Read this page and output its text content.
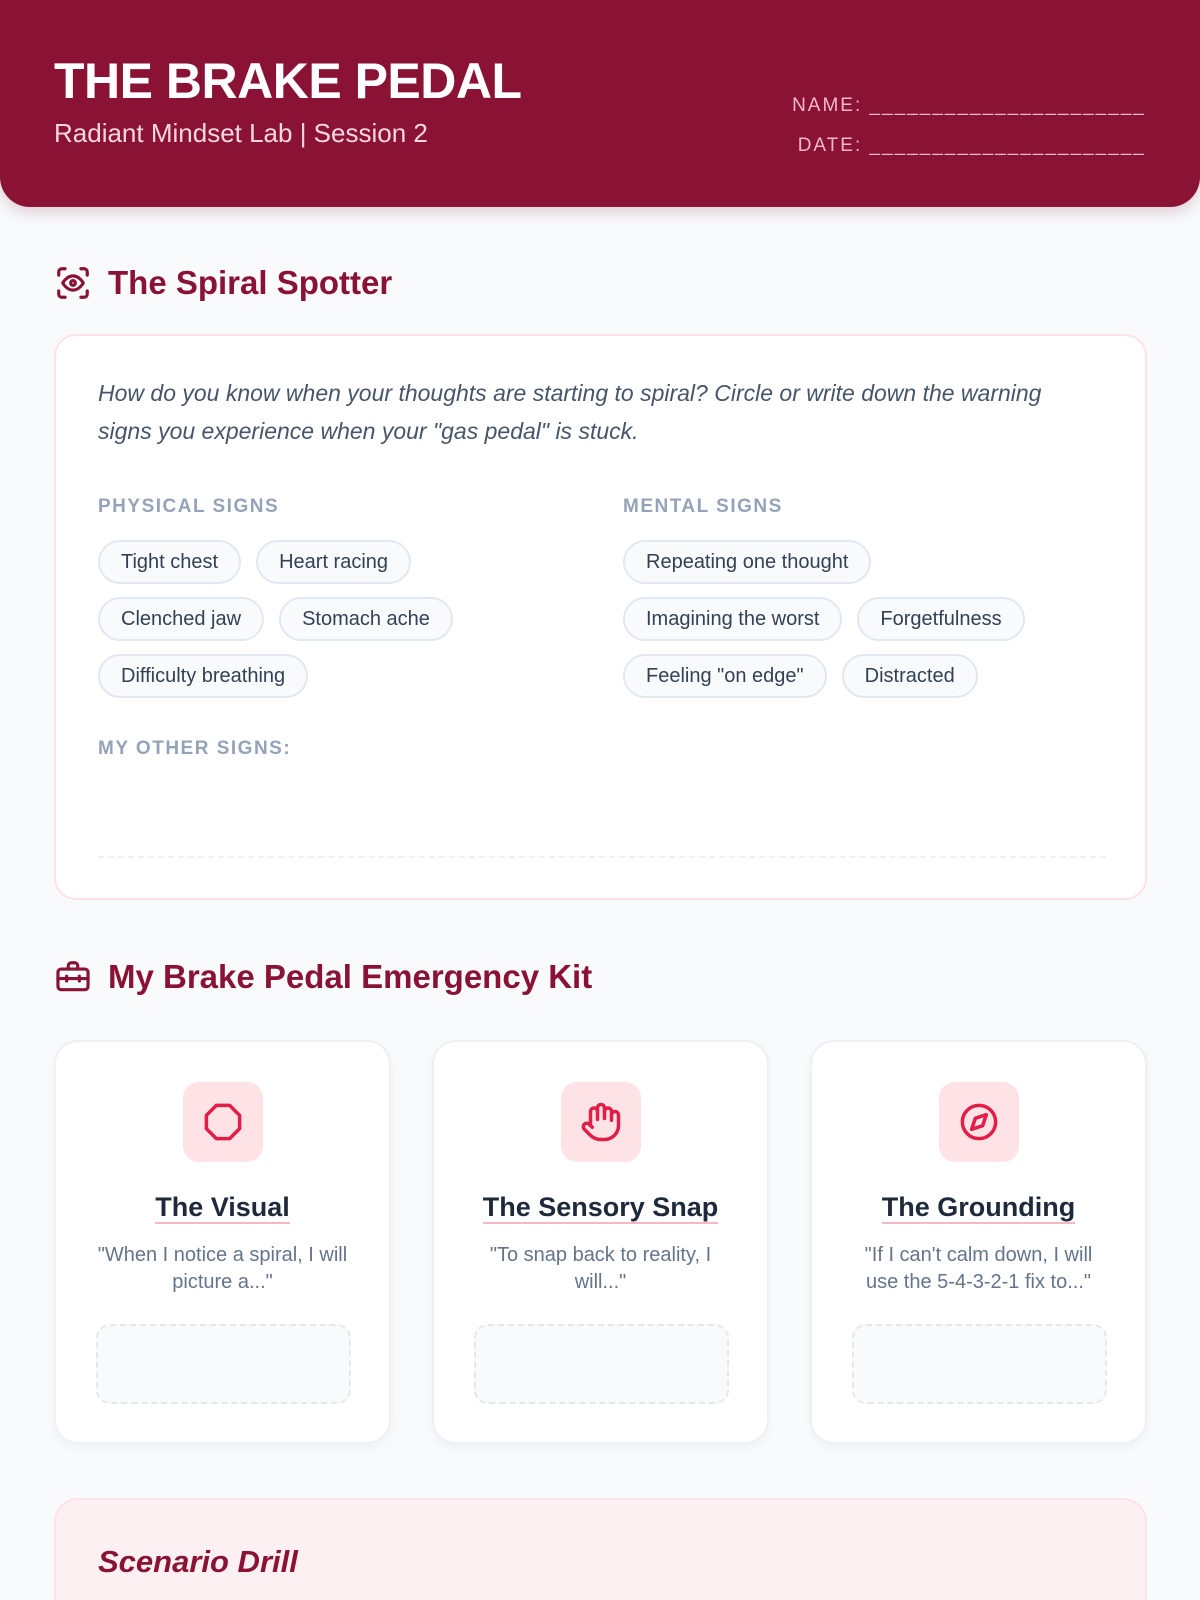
THE BRAKE PEDAL
Radiant Mindset Lab | Session 2
NAME: ______________________
DATE: ______________________
The Spiral Spotter
How do you know when your thoughts are starting to spiral? Circle or write down the warning signs you experience when your "gas pedal" is stuck.
PHYSICAL SIGNS
Tight chest	Heart racing
Clenched jaw	Stomach ache
Difficulty breathing
MENTAL SIGNS
Repeating one thought
Imagining the worst	Forgetfulness
Feeling "on edge"	Distracted
MY OTHER SIGNS:
My Brake Pedal Emergency Kit
The Visual
"When I notice a spiral, I will picture a..."
The Sensory Snap
"To snap back to reality, I will..."
The Grounding
"If I can't calm down, I will use the 5-4-3-2-1 fix to..."
Scenario Drill
